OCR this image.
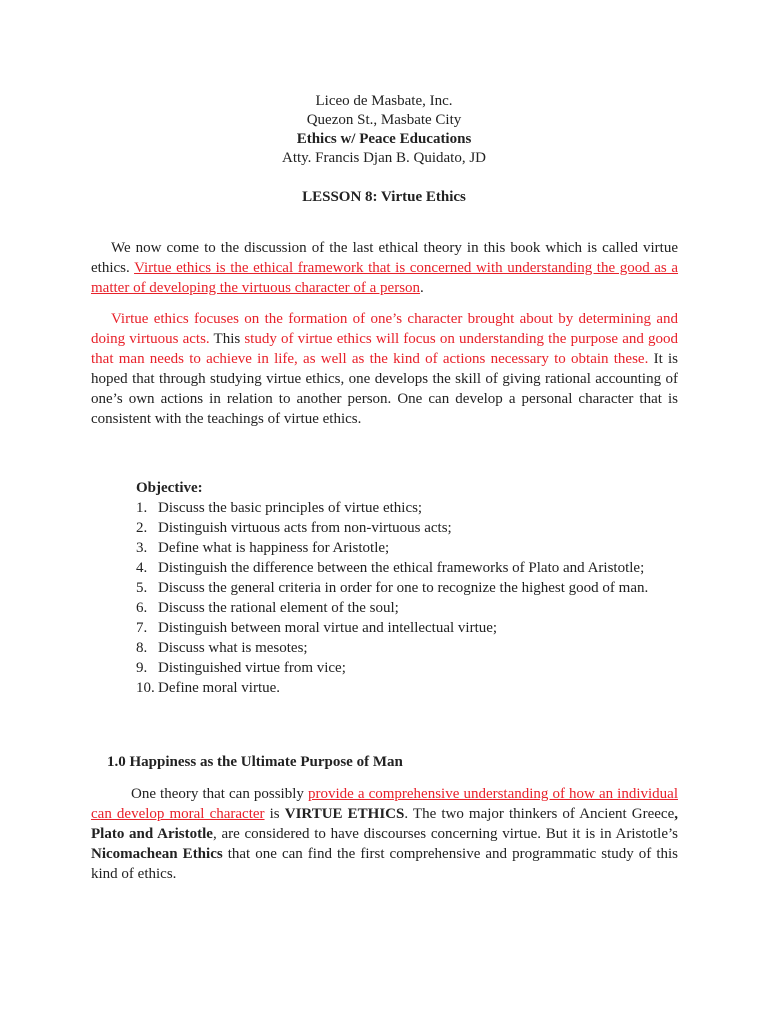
Liceo de Masbate, Inc.
Quezon St., Masbate City
Ethics w/ Peace Educations
Atty. Francis Djan B. Quidato, JD
LESSON 8: Virtue Ethics

We now come to the discussion of the last ethical theory in this book which is called virtue ethics. Virtue ethics is the ethical framework that is concerned with understanding the good as a matter of developing the virtuous character of a person.

Virtue ethics focuses on the formation of one’s character brought about by determining and doing virtuous acts. This study of virtue ethics will focus on understanding the purpose and good that man needs to achieve in life, as well as the kind of actions necessary to obtain these. It is hoped that through studying virtue ethics, one develops the skill of giving rational accounting of one’s own actions in relation to another person. One can develop a personal character that is consistent with the teachings of virtue ethics.

Objective:
1. Discuss the basic principles of virtue ethics;
2. Distinguish virtuous acts from non-virtuous acts;
3. Define what is happiness for Aristotle;
4. Distinguish the difference between the ethical frameworks of Plato and Aristotle;
5. Discuss the general criteria in order for one to recognize the highest good of man.
6. Discuss the rational element of the soul;
7. Distinguish between moral virtue and intellectual virtue;
8. Discuss what is mesotes;
9. Distinguished virtue from vice;
10. Define moral virtue.
1.0 Happiness as the Ultimate Purpose of Man

One theory that can possibly provide a comprehensive understanding of how an individual can develop moral character is VIRTUE ETHICS. The two major thinkers of Ancient Greece, Plato and Aristotle, are considered to have discourses concerning virtue. But it is in Aristotle’s Nicomachean Ethics that one can find the first comprehensive and programmatic study of this kind of ethics.
